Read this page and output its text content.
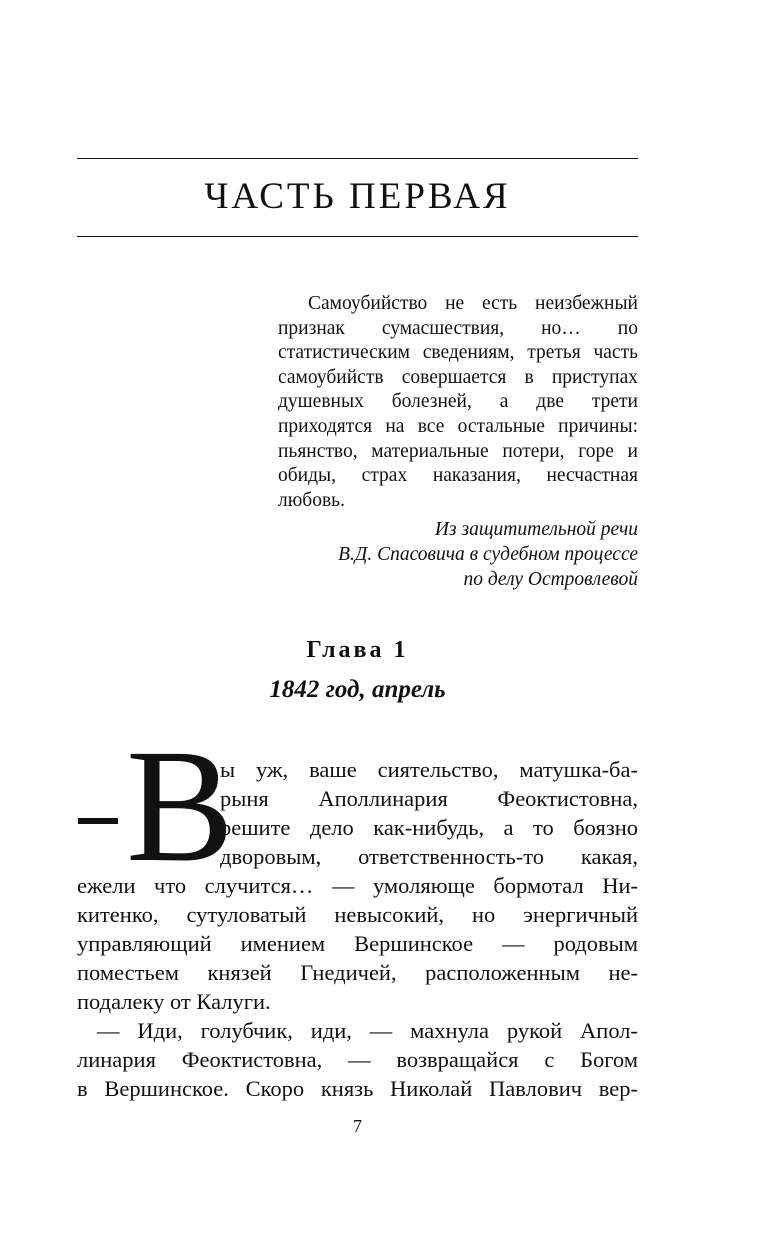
ЧАСТЬ ПЕРВАЯ

Самоубийство не есть неизбежный признак сумасшествия, но… по статистическим сведениям, третья часть самоубийств совершается в приступах душевных болезней, а две трети приходятся на все остальные причины: пьянство, материальные потери, горе и обиды, страх наказания, несчастная любовь.

Из защитительной речи
В.Д. Спасовича в судебном процессе
по делу Островлевой
Глава 1
1842 год, апрель
В
ы уж, ваше сиятельство, матушка-ба-
рыня Аполлинария Феоктистовна,
решите дело как-нибудь, а то боязно
дворовым, ответственность-то какая,
ежели что случится… — умоляюще бормотал Ни-
китенко, сутуловатый невысокий, но энергичный
управляющий имением Вершинское — родовым
поместьем князей Гнедичей, расположенным не-
подалеку от Калуги.
— Иди, голубчик, иди, — махнула рукой Апол-
линария Феоктистовна, — возвращайся с Богом
в Вершинское. Скоро князь Николай Павлович вер-
7
